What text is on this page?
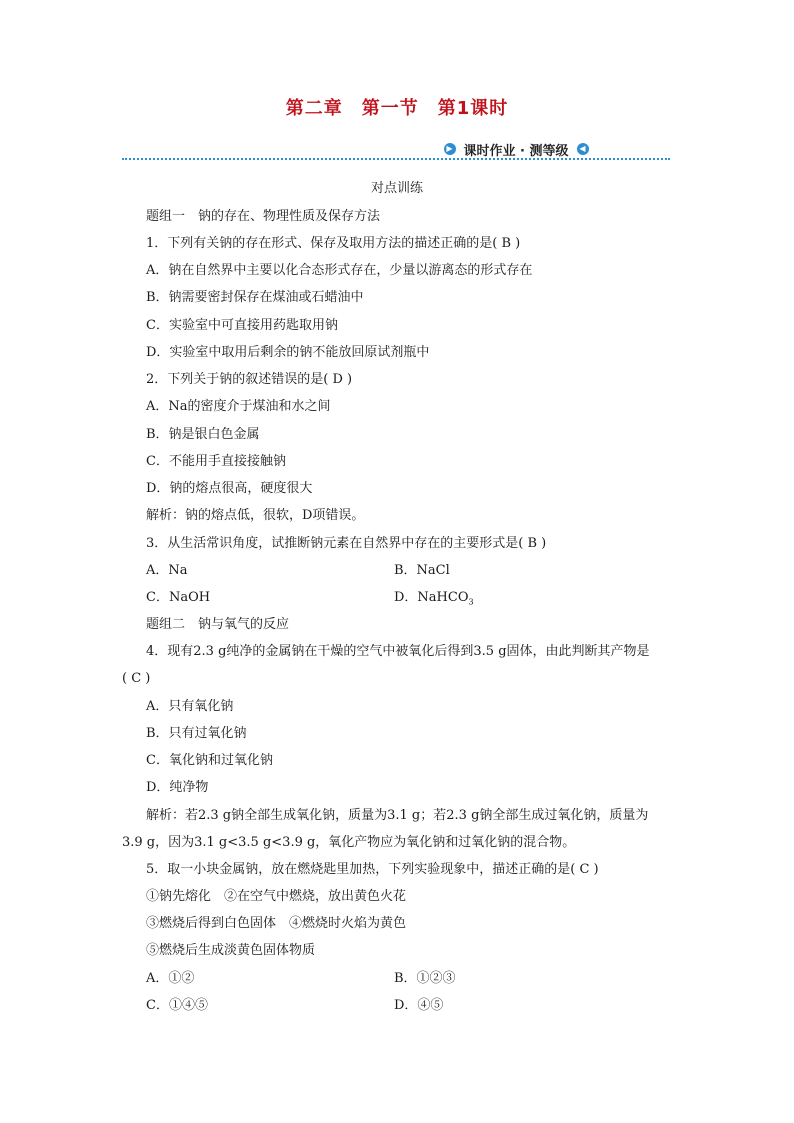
第二章　第一节　第1课时
▶ 课时作业 · 测等级	◀
对点训练
题组一　钠的存在、物理性质及保存方法
1．下列有关钠的存在形式、保存及取用方法的描述正确的是( B )
A．钠在自然界中主要以化合态形式存在，少量以游离态的形式存在
B．钠需要密封保存在煤油或石蜡油中
C．实验室中可直接用药匙取用钠
D．实验室中取用后剩余的钠不能放回原试剂瓶中
2．下列关于钠的叙述错误的是( D )
A．Na的密度介于煤油和水之间
B．钠是银白色金属
C．不能用手直接接触钠
D．钠的熔点很高，硬度很大
解析：钠的熔点低，很软，D项错误。
3．从生活常识角度，试推断钠元素在自然界中存在的主要形式是( B )
A．Na	B．NaCl
C．NaOH	D．NaHCO$_3$
题组二　钠与氧气的反应
4．现有2.3 g纯净的金属钠在干燥的空气中被氧化后得到3.5 g固体，由此判断其产物是( C )
A．只有氧化钠
B．只有过氧化钠
C．氧化钠和过氧化钠
D．纯净物
解析：若2.3 g钠全部生成氧化钠，质量为3.1 g；若2.3 g钠全部生成过氧化钠，质量为3.9 g，因为3.1 g<3.5 g<3.9 g，氧化产物应为氧化钠和过氧化钠的混合物。
5．取一小块金属钠，放在燃烧匙里加热，下列实验现象中，描述正确的是( C )
①钠先熔化　②在空气中燃烧，放出黄色火花
③燃烧后得到白色固体　④燃烧时火焰为黄色
⑤燃烧后生成淡黄色固体物质
A．①②	B．①②③
C．①④⑤	D．④⑤
